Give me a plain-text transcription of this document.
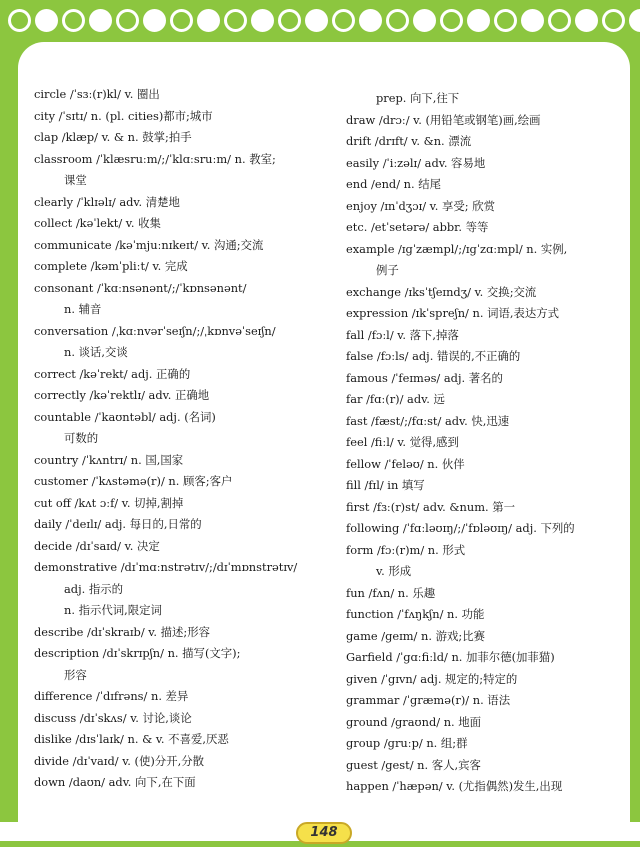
148
circle /ˈsɜː(r)kl/ v. 圈出
city /ˈsɪtɪ/ n. (pl. cities)都市;城市
clap /klæp/ v. & n. 鼓掌;拍手
classroom /ˈklæsruːm/;/ˈklɑːsruːm/ n. 教室;
课堂
clearly /ˈklɪəlɪ/ adv. 清楚地
collect /kəˈlekt/ v. 收集
communicate /kəˈmjuːnɪkeɪt/ v. 沟通;交流
complete /kəmˈpliːt/ v. 完成
consonant /ˈkɑːnsənənt/;/ˈkɒnsənənt/
n. 辅音
conversation /ˌkɑːnvərˈseɪʃn/;/ˌkɒnvəˈseɪʃn/
n. 谈话,交谈
correct /kəˈrekt/ adj. 正确的
correctly /kəˈrektlɪ/ adv. 正确地
countable /ˈkaʊntəbl/ adj. (名词)
可数的
country /ˈkʌntrɪ/ n. 国,国家
customer /ˈkʌstəmə(r)/ n. 顾客;客户
cut off /kʌt ɔːf/ v. 切掉,割掉
daily /ˈdeɪlɪ/ adj. 每日的,日常的
decide /dɪˈsaɪd/ v. 决定
demonstrative /dɪˈmɑːnstrətɪv/;/dɪˈmɒnstrətɪv/
adj. 指示的
n. 指示代词,限定词
describe /dɪˈskraɪb/ v. 描述;形容
description /dɪˈskrɪpʃn/ n. 描写(文字);
形容
difference /ˈdɪfrəns/ n. 差异
discuss /dɪˈskʌs/ v. 讨论,谈论
dislike /dɪsˈlaɪk/ n. & v. 不喜爱,厌恶
divide /dɪˈvaɪd/ v. (使)分开,分散
down /daʊn/ adv. 向下,在下面
prep. 向下,往下
draw /drɔː/ v. (用铅笔或钢笔)画,绘画
drift /drɪft/ v. &n. 漂流
easily /ˈiːzəlɪ/ adv. 容易地
end /end/ n. 结尾
enjoy /ɪnˈdʒɔɪ/ v. 享受; 欣赏
etc. /etˈsetərə/ abbr. 等等
example /ɪgˈzæmpl/;/ɪgˈzɑːmpl/ n. 实例,
例子
exchange /ɪksˈtʃeɪndʒ/ v. 交换;交流
expression /ɪkˈspreʃn/ n. 词语,表达方式
fall /fɔːl/ v. 落下,掉落
false /fɔːls/ adj. 错误的,不正确的
famous /ˈfeɪməs/ adj. 著名的
far /fɑː(r)/ adv. 远
fast /fæst/;/fɑːst/ adv. 快,迅速
feel /fiːl/ v. 觉得,感到
fellow /ˈfeləʊ/ n. 伙伴
fill /fɪl/ in 填写
first /fɜː(r)st/ adv. &num. 第一
following /ˈfɑːləʊɪŋ/;/ˈfɒləʊɪŋ/ adj. 下列的
form /fɔː(r)m/ n. 形式
v. 形成
fun /fʌn/ n. 乐趣
function /ˈfʌŋkʃn/ n. 功能
game /geɪm/ n. 游戏;比赛
Garfield /ˈgɑːfiːld/ n. 加菲尔德(加菲猫)
given /ˈgɪvn/ adj. 规定的;特定的
grammar /ˈgræmə(r)/ n. 语法
ground /graʊnd/ n. 地面
group /gruːp/ n. 组;群
guest /gest/ n. 客人,宾客
happen /ˈhæpən/ v. (尤指偶然)发生,出现
